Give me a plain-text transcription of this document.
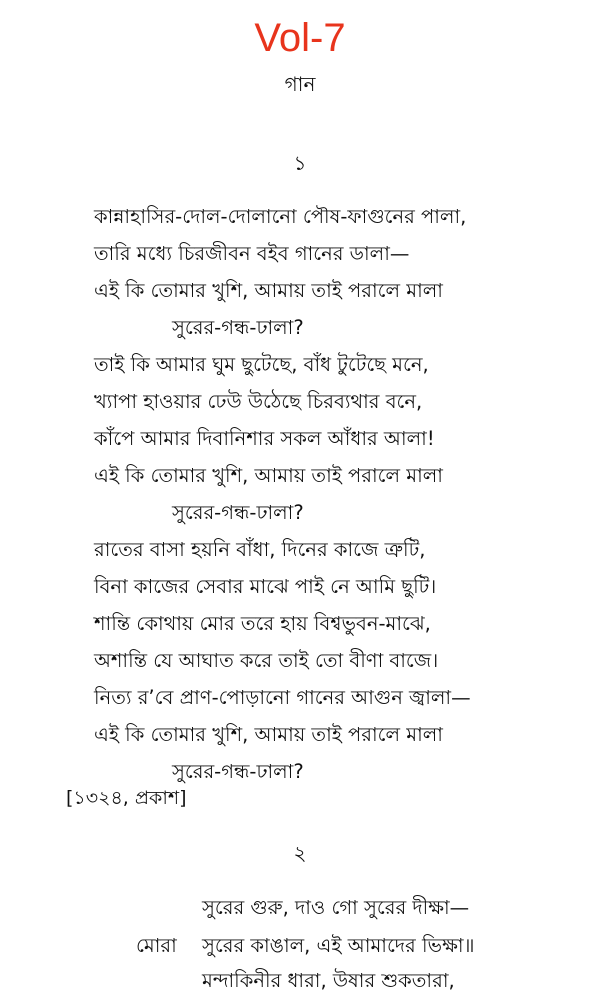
Vol-7
গান
১
কান্নাহাসির-দোল-দোলানো পৌষ-ফাগুনের পালা,
তারি মধ্যে চিরজীবন বইব গানের ডালা—
এই কি তোমার খুশি, আমায় তাই পরালে মালা
সুরের-গন্ধ-ঢালা?
তাই কি আমার ঘুম ছুটেছে, বাঁধ টুটেছে মনে,
খ্যাপা হাওয়ার ঢেউ উঠেছে চিরব্যথার বনে,
কাঁপে আমার দিবানিশার সকল আঁধার আলা!
এই কি তোমার খুশি, আমায় তাই পরালে মালা
সুরের-গন্ধ-ঢালা?
রাতের বাসা হয়নি বাঁধা, দিনের কাজে ত্রুটি,
বিনা কাজের সেবার মাঝে পাই নে আমি ছুটি।
শান্তি কোথায় মোর তরে হায় বিশ্বভুবন-মাঝে,
অশান্তি যে আঘাত করে তাই তো বীণা বাজে।
নিত্য র’বে প্রাণ-পোড়ানো গানের আগুন জ্বালা—
এই কি তোমার খুশি, আমায় তাই পরালে মালা
সুরের-গন্ধ-ঢালা?
[১৩২৪, প্রকাশ]
২
সুরের গুরু, দাও গো সুরের দীক্ষা—
মোরা সুরের কাঙাল, এই আমাদের ভিক্ষা॥
মন্দাকিনীর ধারা, উষার শুকতারা,
